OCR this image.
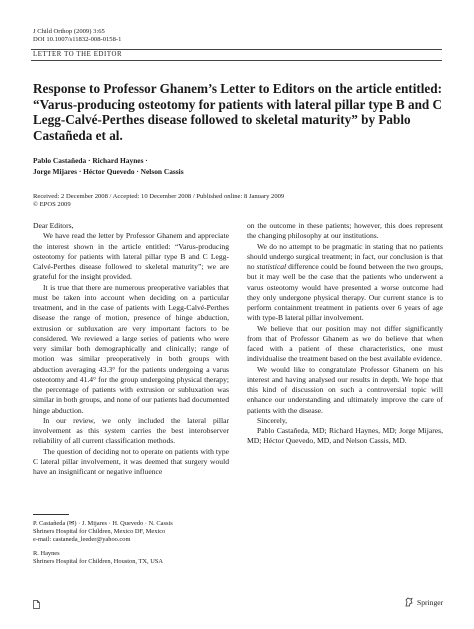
J Child Orthop (2009) 3:65
DOI 10.1007/s11832-008-0158-1
LETTER TO THE EDITOR
Response to Professor Ghanem’s Letter to Editors on the article entitled: “Varus-producing osteotomy for patients with lateral pillar type B and C Legg-Calvé-Perthes disease followed to skeletal maturity” by Pablo Castañeda et al.
Pablo Castañeda · Richard Haynes ·
Jorge Mijares · Héctor Quevedo · Nelson Cassis
Received: 2 December 2008 / Accepted: 10 December 2008 / Published online: 8 January 2009
© EPOS 2009

Dear Editors,

We have read the letter by Professor Ghanem and appreciate the interest shown in the article entitled: “Varus-producing osteotomy for patients with lateral pillar type B and C Legg-Calvé-Perthes disease followed to skeletal maturity”; we are grateful for the insight provided.

It is true that there are numerous preoperative variables that must be taken into account when deciding on a particular treatment, and in the case of patients with Legg-Calvé-Perthes disease the range of motion, presence of hinge abduction, extrusion or subluxation are very important factors to be considered. We reviewed a large series of patients who were very similar both demographically and clinically; range of motion was similar preoperatively in both groups with abduction averaging 43.3° for the patients undergoing a varus osteotomy and 41.4° for the group undergoing physical therapy; the percentage of patients with extrusion or subluxation was similar in both groups, and none of our patients had documented hinge abduction.

In our review, we only included the lateral pillar involvement as this system carries the best interobserver reliability of all current classification methods.

The question of deciding not to operate on patients with type C lateral pillar involvement, it was deemed that surgery would have an insignificant or negative influence

on the outcome in these patients; however, this does represent the changing philosophy at our institutions.

We do no attempt to be pragmatic in stating that no patients should undergo surgical treatment; in fact, our conclusion is that no statistical difference could be found between the two groups, but it may well be the case that the patients who underwent a varus osteotomy would have presented a worse outcome had they only undergone physical therapy. Our current stance is to perform containment treatment in patients over 6 years of age with type-B lateral pillar involvement.

We believe that our position may not differ significantly from that of Professor Ghanem as we do believe that when faced with a patient of these characteristics, one must individualise the treatment based on the best available evidence.

We would like to congratulate Professor Ghanem on his interest and having analysed our results in depth. We hope that this kind of discussion on such a controversial topic will enhance our understanding and ultimately improve the care of patients with the disease.

Sincerely,

Pablo Castañeda, MD; Richard Haynes, MD; Jorge Mijares, MD; Héctor Quevedo, MD, and Nelson Cassis, MD.

P. Castañeda (✉) · J. Mijares · H. Quevedo · N. Cassis
Shriners Hospital for Children, Mexico DF, Mexico
e-mail: castaneda_leeder@yahoo.com
R. Haynes
Shriners Hospital for Children, Houston, TX, USA
Springer
